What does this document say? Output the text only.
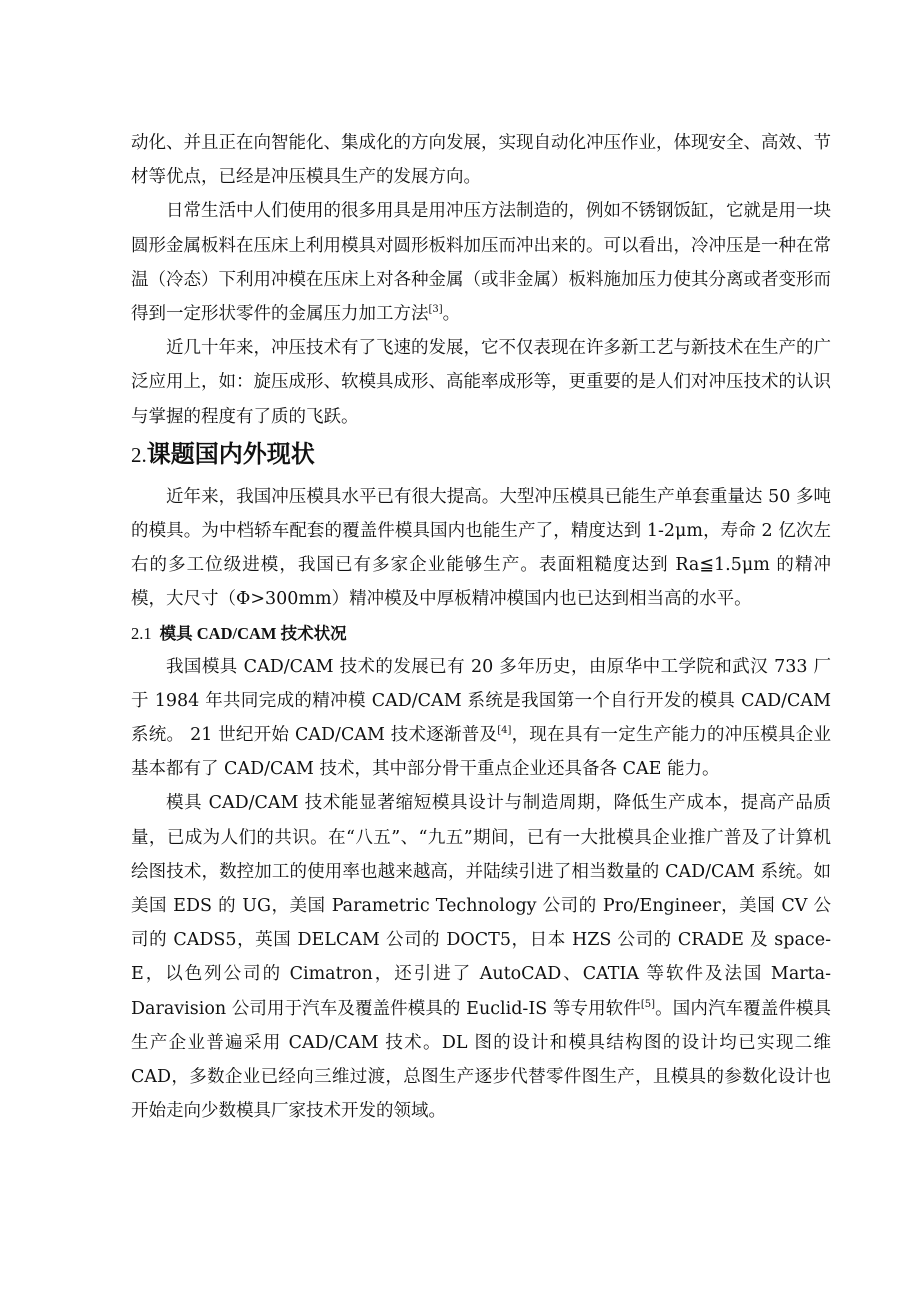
动化、并且正在向智能化、集成化的方向发展，实现自动化冲压作业，体现安全、高效、节材等优点，已经是冲压模具生产的发展方向。

日常生活中人们使用的很多用具是用冲压方法制造的，例如不锈钢饭缸，它就是用一块圆形金属板料在压床上利用模具对圆形板料加压而冲出来的。可以看出，冷冲压是一种在常温（冷态）下利用冲模在压床上对各种金属（或非金属）板料施加压力使其分离或者变形而得到一定形状零件的金属压力加工方法[3]。

近几十年来，冲压技术有了飞速的发展，它不仅表现在许多新工艺与新技术在生产的广泛应用上，如：旋压成形、软模具成形、高能率成形等，更重要的是人们对冲压技术的认识与掌握的程度有了质的飞跃。

2.课题国内外现状

近年来，我国冲压模具水平已有很大提高。大型冲压模具已能生产单套重量达 50 多吨的模具。为中档轿车配套的覆盖件模具国内也能生产了，精度达到 1-2μm，寿命 2 亿次左右的多工位级进模，我国已有多家企业能够生产。表面粗糙度达到 Ra≦1.5μm 的精冲模，大尺寸（Φ>300mm）精冲模及中厚板精冲模国内也已达到相当高的水平。

2.1 模具 CAD/CAM 技术状况

我国模具 CAD/CAM 技术的发展已有 20 多年历史，由原华中工学院和武汉 733 厂于 1984 年共同完成的精冲模 CAD/CAM 系统是我国第一个自行开发的模具 CAD/CAM 系统。 21 世纪开始 CAD/CAM 技术逐渐普及[4]，现在具有一定生产能力的冲压模具企业基本都有了 CAD/CAM 技术，其中部分骨干重点企业还具备各 CAE 能力。

模具 CAD/CAM 技术能显著缩短模具设计与制造周期，降低生产成本，提高产品质量，已成为人们的共识。在“八五”、“九五”期间，已有一大批模具企业推广普及了计算机绘图技术，数控加工的使用率也越来越高，并陆续引进了相当数量的 CAD/CAM 系统。如美国 EDS 的 UG，美国 Parametric Technology 公司的 Pro/Engineer，美国 CV 公司的 CADS5，英国 DELCAM 公司的 DOCT5，日本 HZS 公司的 CRADE 及 space-E，以色列公司的 Cimatron，还引进了 AutoCAD、CATIA 等软件及法国 Marta-Daravision 公司用于汽车及覆盖件模具的 Euclid-IS 等专用软件[5]。国内汽车覆盖件模具生产企业普遍采用 CAD/CAM 技术。DL 图的设计和模具结构图的设计均已实现二维 CAD，多数企业已经向三维过渡，总图生产逐步代替零件图生产，且模具的参数化设计也开始走向少数模具厂家技术开发的领域。
